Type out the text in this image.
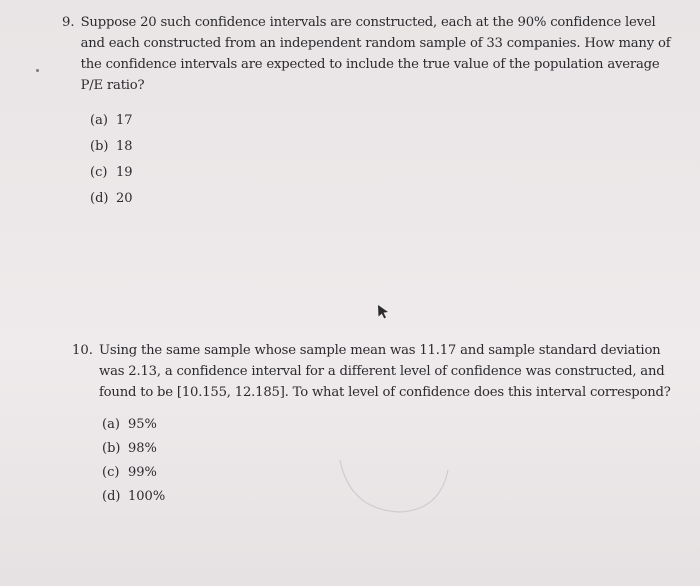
9. Suppose 20 such confidence intervals are constructed, each at the 90% confidence level and each constructed from an independent random sample of 33 companies. How many of the confidence intervals are expected to include the true value of the population average P/E ratio?
(a) 17
(b) 18
(c) 19
(d) 20
10. Using the same sample whose sample mean was 11.17 and sample standard deviation was 2.13, a confidence interval for a different level of confidence was constructed, and found to be [10.155, 12.185]. To what level of confidence does this interval correspond?
(a) 95%
(b) 98%
(c) 99%
(d) 100%
